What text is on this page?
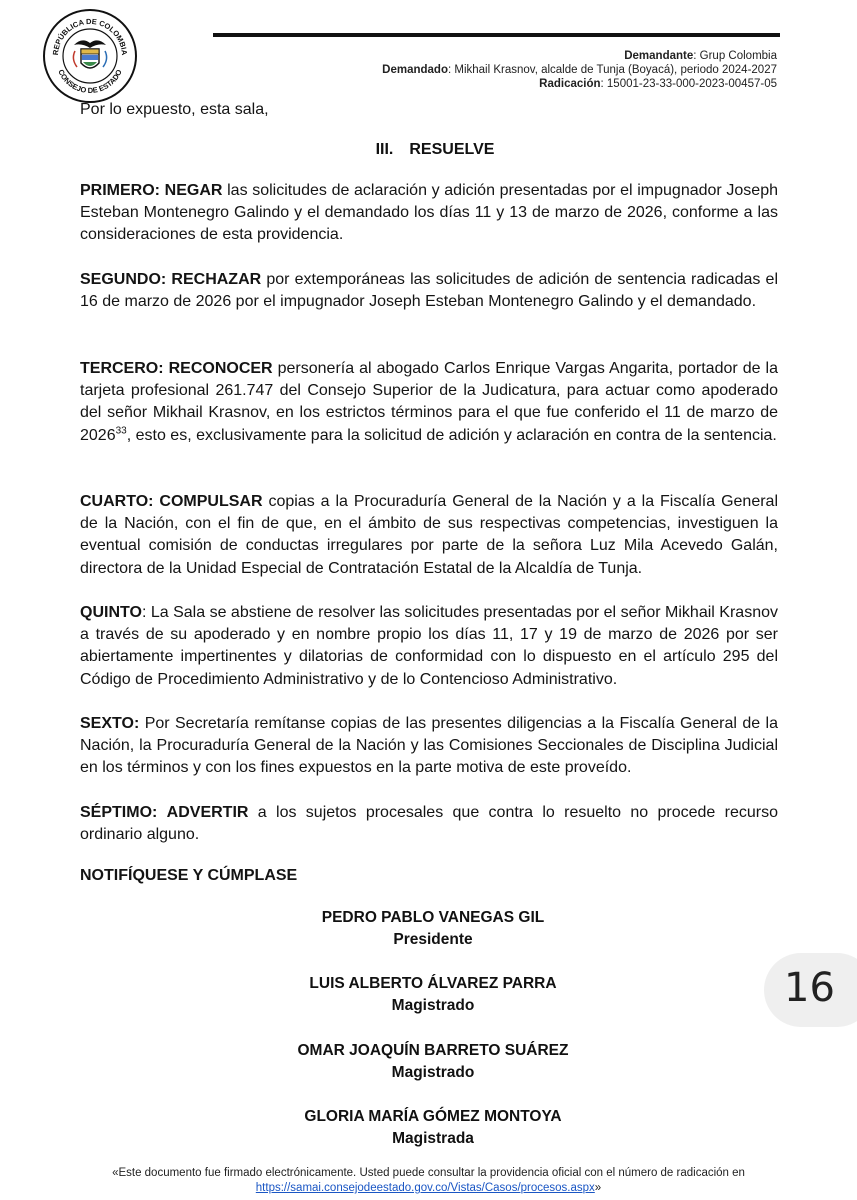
REPÚBLICA DE COLOMBIA
CONSEJO DE ESTADO
Demandante: Grup Colombia
Demandado: Mikhail Krasnov, alcalde de Tunja (Boyacá), periodo 2024-2027
Radicación: 15001-23-33-000-2023-00457-05
Por lo expuesto, esta sala,
III. RESUELVE
PRIMERO: NEGAR las solicitudes de aclaración y adición presentadas por el impugnador Joseph Esteban Montenegro Galindo y el demandado los días 11 y 13 de marzo de 2026, conforme a las consideraciones de esta providencia.
SEGUNDO: RECHAZAR por extemporáneas las solicitudes de adición de sentencia radicadas el 16 de marzo de 2026 por el impugnador Joseph Esteban Montenegro Galindo y el demandado.
TERCERO: RECONOCER personería al abogado Carlos Enrique Vargas Angarita, portador de la tarjeta profesional 261.747 del Consejo Superior de la Judicatura, para actuar como apoderado del señor Mikhail Krasnov, en los estrictos términos para el que fue conferido el 11 de marzo de 2026$^{33}$, esto es, exclusivamente para la solicitud de adición y aclaración en contra de la sentencia.
CUARTO: COMPULSAR copias a la Procuraduría General de la Nación y a la Fiscalía General de la Nación, con el fin de que, en el ámbito de sus respectivas competencias, investiguen la eventual comisión de conductas irregulares por parte de la señora Luz Mila Acevedo Galán, directora de la Unidad Especial de Contratación Estatal de la Alcaldía de Tunja.
QUINTO: La Sala se abstiene de resolver las solicitudes presentadas por el señor Mikhail Krasnov a través de su apoderado y en nombre propio los días 11, 17 y 19 de marzo de 2026 por ser abiertamente impertinentes y dilatorias de conformidad con lo dispuesto en el artículo 295 del Código de Procedimiento Administrativo y de lo Contencioso Administrativo.
SEXTO: Por Secretaría remítanse copias de las presentes diligencias a la Fiscalía General de la Nación, la Procuraduría General de la Nación y las Comisiones Seccionales de Disciplina Judicial en los términos y con los fines expuestos en la parte motiva de este proveído.
SÉPTIMO: ADVERTIR a los sujetos procesales que contra lo resuelto no procede recurso ordinario alguno.
NOTIFÍQUESE Y CÚMPLASE
PEDRO PABLO VANEGAS GIL
Presidente
LUIS ALBERTO ÁLVAREZ PARRA
Magistrado
OMAR JOAQUÍN BARRETO SUÁREZ
Magistrado
GLORIA MARÍA GÓMEZ MONTOYA
Magistrada
16
«Este documento fue firmado electrónicamente. Usted puede consultar la providencia oficial con el número de radicación en
https://samai.consejodeestado.gov.co/Vistas/Casos/procesos.aspx»
